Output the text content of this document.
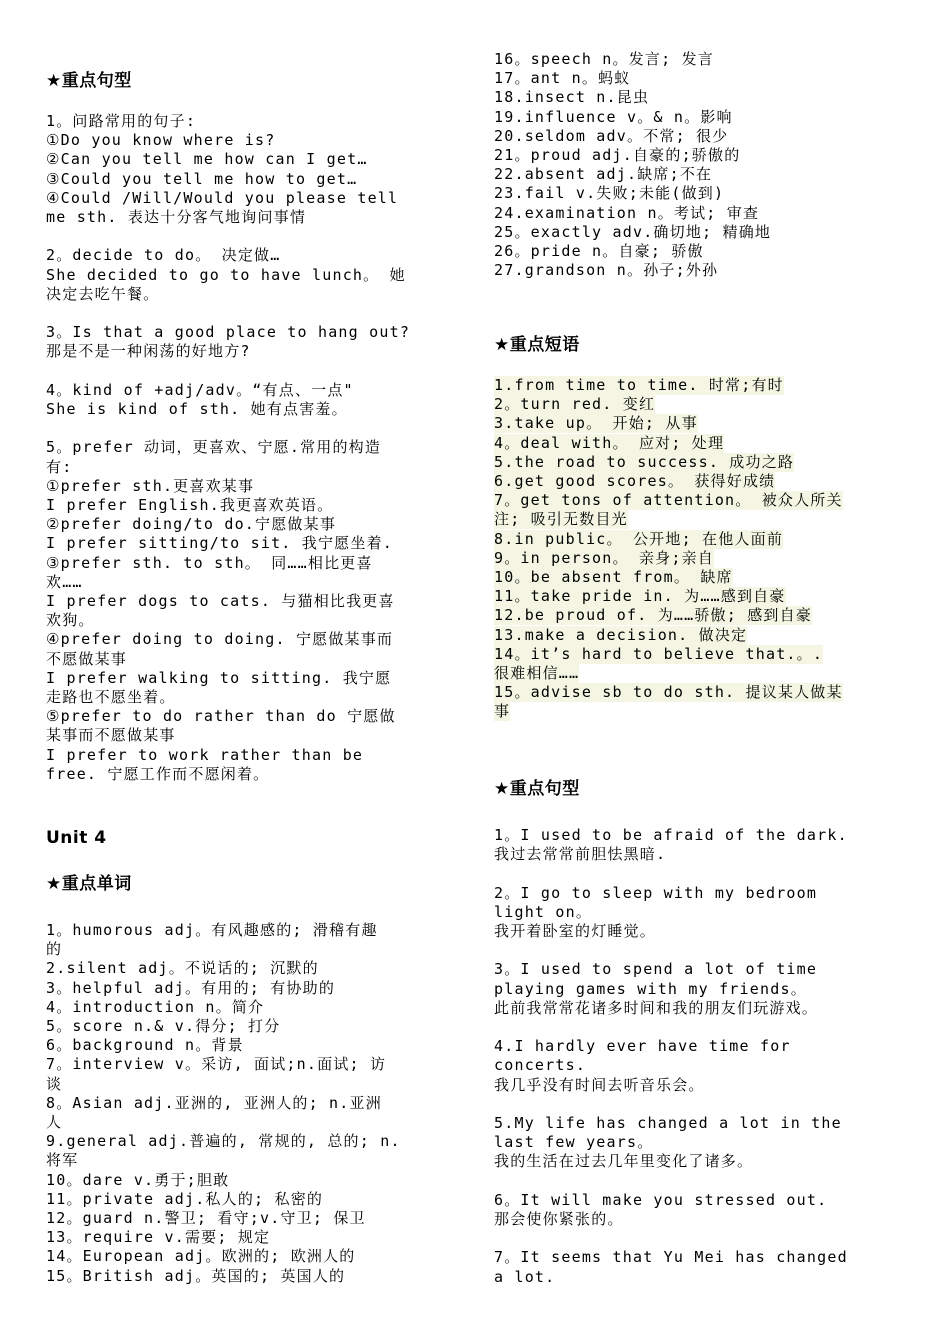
★重点句型
1。问路常用的句子:
①Do you know where is?
②Can you tell me how can I get…
③Could you tell me how to get…
④Could /Will/Would you please tell
me sth. 表达十分客气地询问事情
2。decide to do。 决定做…
She decided to go to have lunch。 她
决定去吃午餐。
3。Is that a good place to hang out?
那是不是一种闲荡的好地方?
4。kind of +adj/adv。“有点、一点"
She is kind of sth. 她有点害羞。
5。prefer 动词，更喜欢、宁愿.常用的构造
有:
①prefer sth.更喜欢某事
I prefer English.我更喜欢英语。
②prefer doing/to do.宁愿做某事
I prefer sitting/to sit. 我宁愿坐着.
③prefer sth. to sth。 同……相比更喜
欢……
I prefer dogs to cats. 与猫相比我更喜
欢狗。
④prefer doing to doing. 宁愿做某事而
不愿做某事
I prefer walking to sitting. 我宁愿
走路也不愿坐着。
⑤prefer to do rather than do 宁愿做
某事而不愿做某事
I prefer to work rather than be
free. 宁愿工作而不愿闲着。
Unit 4
★重点单词
1。humorous adj。有风趣感的; 滑稽有趣
的
2.silent adj。不说话的; 沉默的
3。helpful adj。有用的; 有协助的
4。introduction n。简介
5。score n.& v.得分; 打分
6。background n。背景
7。interview v。采访, 面试;n.面试; 访
谈
8。Asian adj.亚洲的, 亚洲人的; n.亚洲
人
9.general adj.普遍的, 常规的, 总的; n.
将军
10。dare v.勇于;胆敢
11。private adj.私人的; 私密的
12。guard n.警卫; 看守;v.守卫; 保卫
13。require v.需要; 规定
14。European adj。欧洲的; 欧洲人的
15。British adj。英国的; 英国人的
16。speech n。发言; 发言
17。ant n。蚂蚁
18.insect n.昆虫
19.influence v。& n。影响
20.seldom adv。不常; 很少
21。proud adj.自豪的;骄傲的
22.absent adj.缺席;不在
23.fail v.失败;未能(做到)
24.examination n。考试; 审查
25。exactly adv.确切地; 精确地
26。pride n。自豪; 骄傲
27.grandson n。孙子;外孙
★重点短语
1.from time to time. 时常;有时
2。turn red. 变红
3.take up。 开始; 从事
4。deal with。 应对; 处理
5.the road to success. 成功之路
6.get good scores。 获得好成绩
7。get tons of attention。 被众人所关
注; 吸引无数目光
8.in public。 公开地; 在他人面前
9。in person。 亲身;亲自
10。be absent from。 缺席
11。take pride in. 为……感到自豪
12.be proud of. 为……骄傲; 感到自豪
13.make a decision. 做决定
14。it’s hard to believe that.。.
很难相信……
15。advise sb to do sth. 提议某人做某
事
★重点句型
1。I used to be afraid of the dark.
我过去常常前胆怯黑暗.
2。I go to sleep with my bedroom
light on。
我开着卧室的灯睡觉。
3。I used to spend a lot of time
playing games with my friends。
此前我常常花诸多时间和我的朋友们玩游戏。
4.I hardly ever have time for
concerts.
我几乎没有时间去听音乐会。
5.My life has changed a lot in the
last few years。
我的生活在过去几年里变化了诸多。
6。It will make you stressed out.
那会使你紧张的。
7。It seems that Yu Mei has changed
a lot.
